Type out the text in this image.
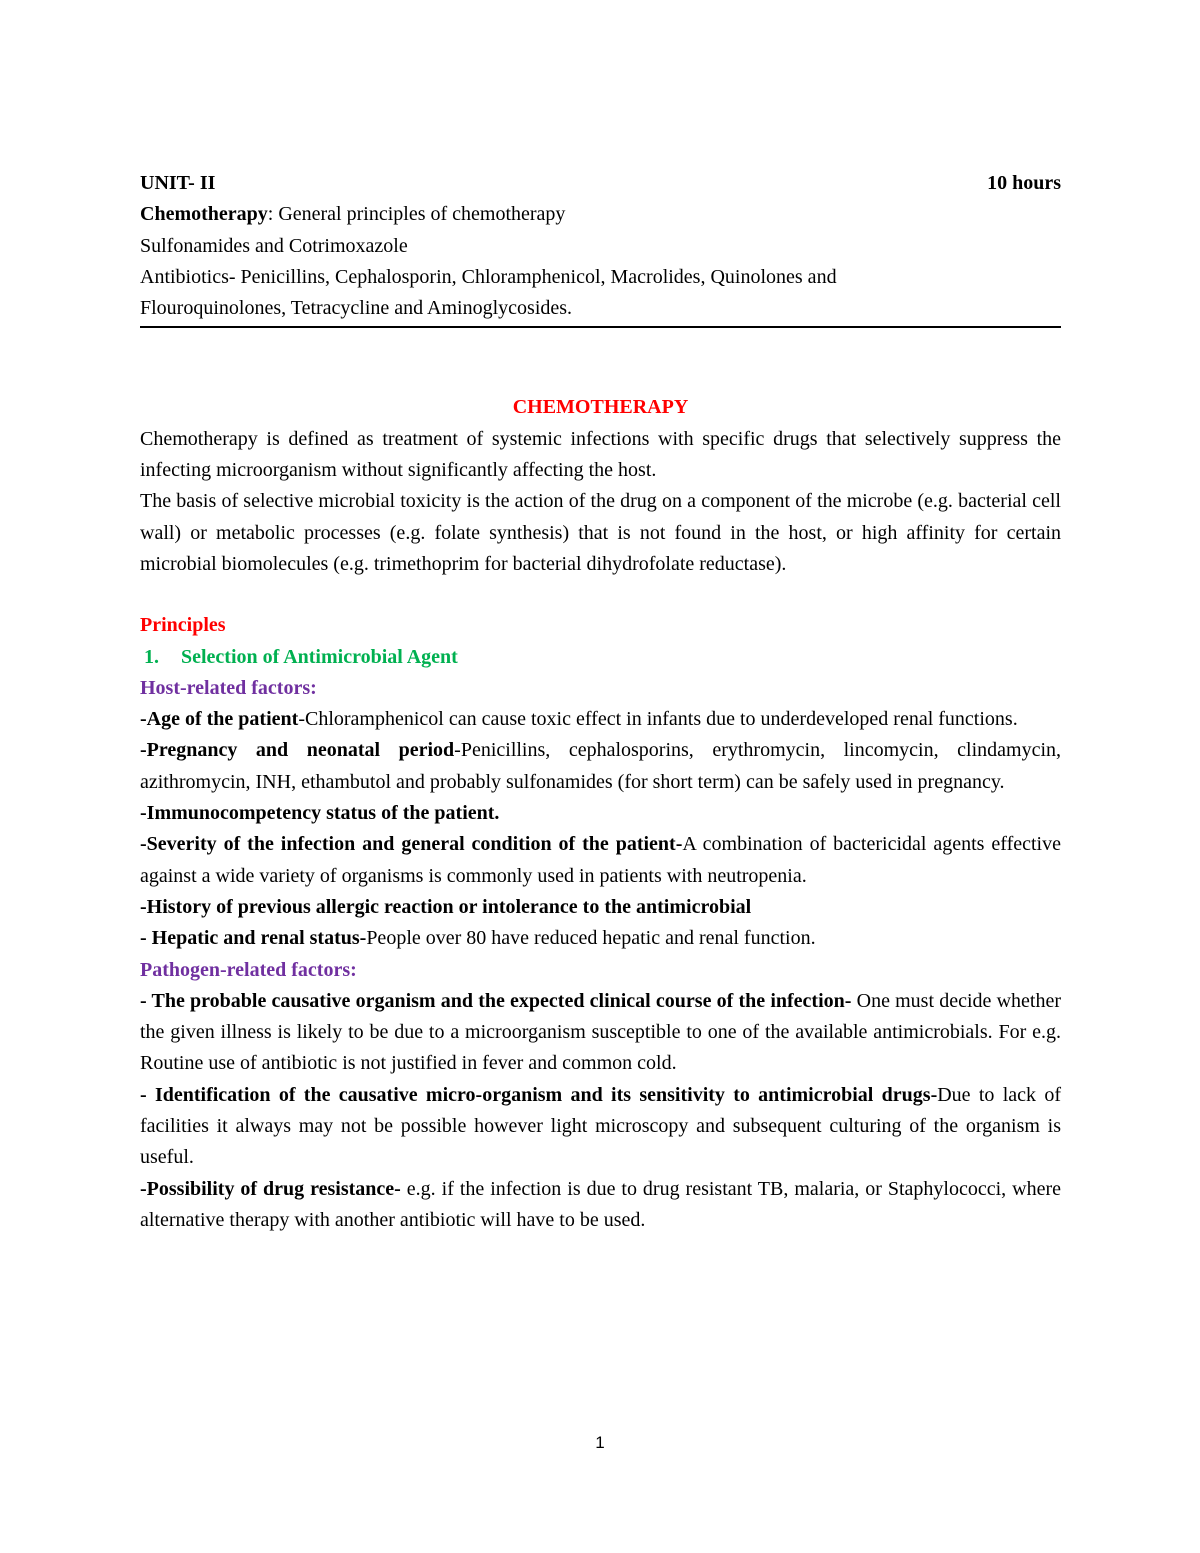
UNIT- II	10 hours
Chemotherapy: General principles of chemotherapy
Sulfonamides and Cotrimoxazole
Antibiotics- Penicillins, Cephalosporin, Chloramphenicol, Macrolides, Quinolones and
Flouroquinolones, Tetracycline and Aminoglycosides.
CHEMOTHERAPY
Chemotherapy is defined as treatment of systemic infections with specific drugs that selectively suppress the infecting microorganism without significantly affecting the host.
The basis of selective microbial toxicity is the action of the drug on a component of the microbe (e.g. bacterial cell wall) or metabolic processes (e.g. folate synthesis) that is not found in the host, or high affinity for certain microbial biomolecules (e.g. trimethoprim for bacterial dihydrofolate reductase).
Principles
1. Selection of Antimicrobial Agent
Host-related factors:
-Age of the patient-Chloramphenicol can cause toxic effect in infants due to underdeveloped renal functions.
-Pregnancy and neonatal period-Penicillins, cephalosporins, erythromycin, lincomycin, clindamycin, azithromycin, INH, ethambutol and probably sulfonamides (for short term) can be safely used in pregnancy.
-Immunocompetency status of the patient.
-Severity of the infection and general condition of the patient-A combination of bactericidal agents effective against a wide variety of organisms is commonly used in patients with neutropenia.
-History of previous allergic reaction or intolerance to the antimicrobial
- Hepatic and renal status-People over 80 have reduced hepatic and renal function.
Pathogen-related factors:
- The probable causative organism and the expected clinical course of the infection- One must decide whether the given illness is likely to be due to a microorganism susceptible to one of the available antimicrobials. For e.g. Routine use of antibiotic is not justified in fever and common cold.
- Identification of the causative micro-organism and its sensitivity to antimicrobial drugs-Due to lack of facilities it always may not be possible however light microscopy and subsequent culturing of the organism is useful.
-Possibility of drug resistance- e.g. if the infection is due to drug resistant TB, malaria, or Staphylococci, where alternative therapy with another antibiotic will have to be used.
1
